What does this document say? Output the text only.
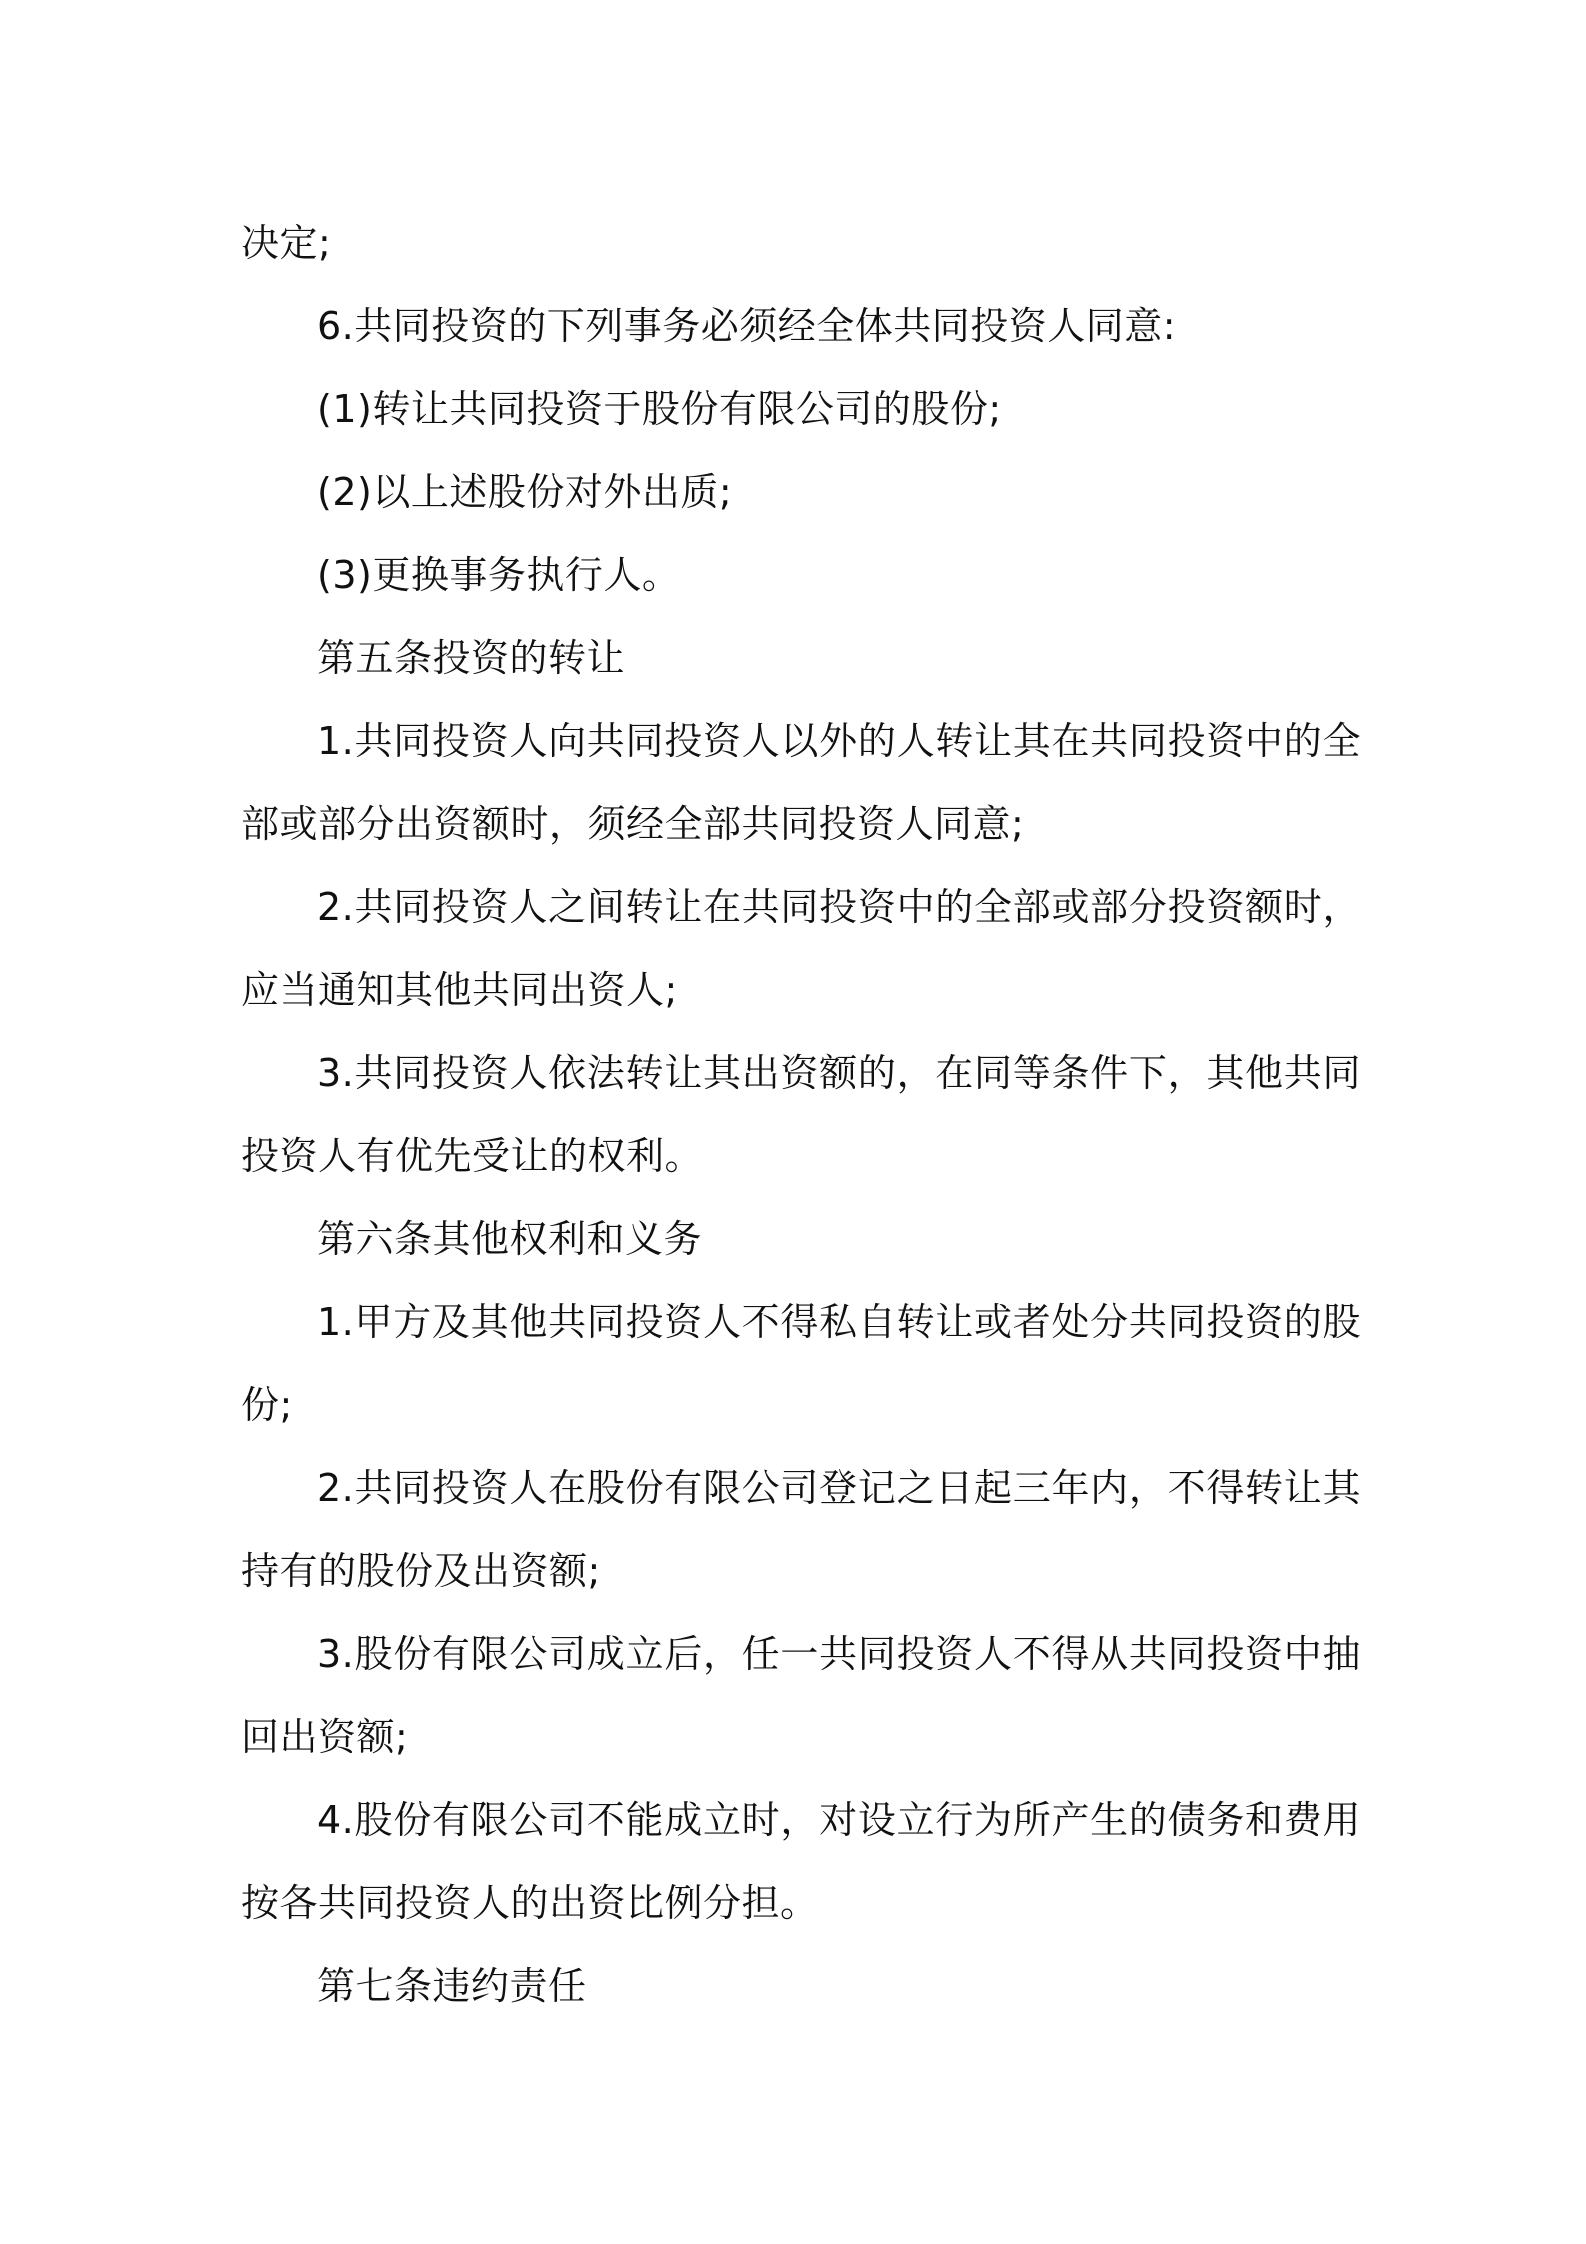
决定;

6.共同投资的下列事务必须经全体共同投资人同意:

(1)转让共同投资于股份有限公司的股份;

(2)以上述股份对外出质;

(3)更换事务执行人。

第五条投资的转让

1.共同投资人向共同投资人以外的人转让其在共同投资中的全部或部分出资额时，须经全部共同投资人同意;

2.共同投资人之间转让在共同投资中的全部或部分投资额时，应当通知其他共同出资人;

3.共同投资人依法转让其出资额的，在同等条件下，其他共同投资人有优先受让的权利。

第六条其他权利和义务

1.甲方及其他共同投资人不得私自转让或者处分共同投资的股份;

2.共同投资人在股份有限公司登记之日起三年内，不得转让其持有的股份及出资额;

3.股份有限公司成立后，任一共同投资人不得从共同投资中抽回出资额;

4.股份有限公司不能成立时，对设立行为所产生的债务和费用按各共同投资人的出资比例分担。

第七条违约责任
